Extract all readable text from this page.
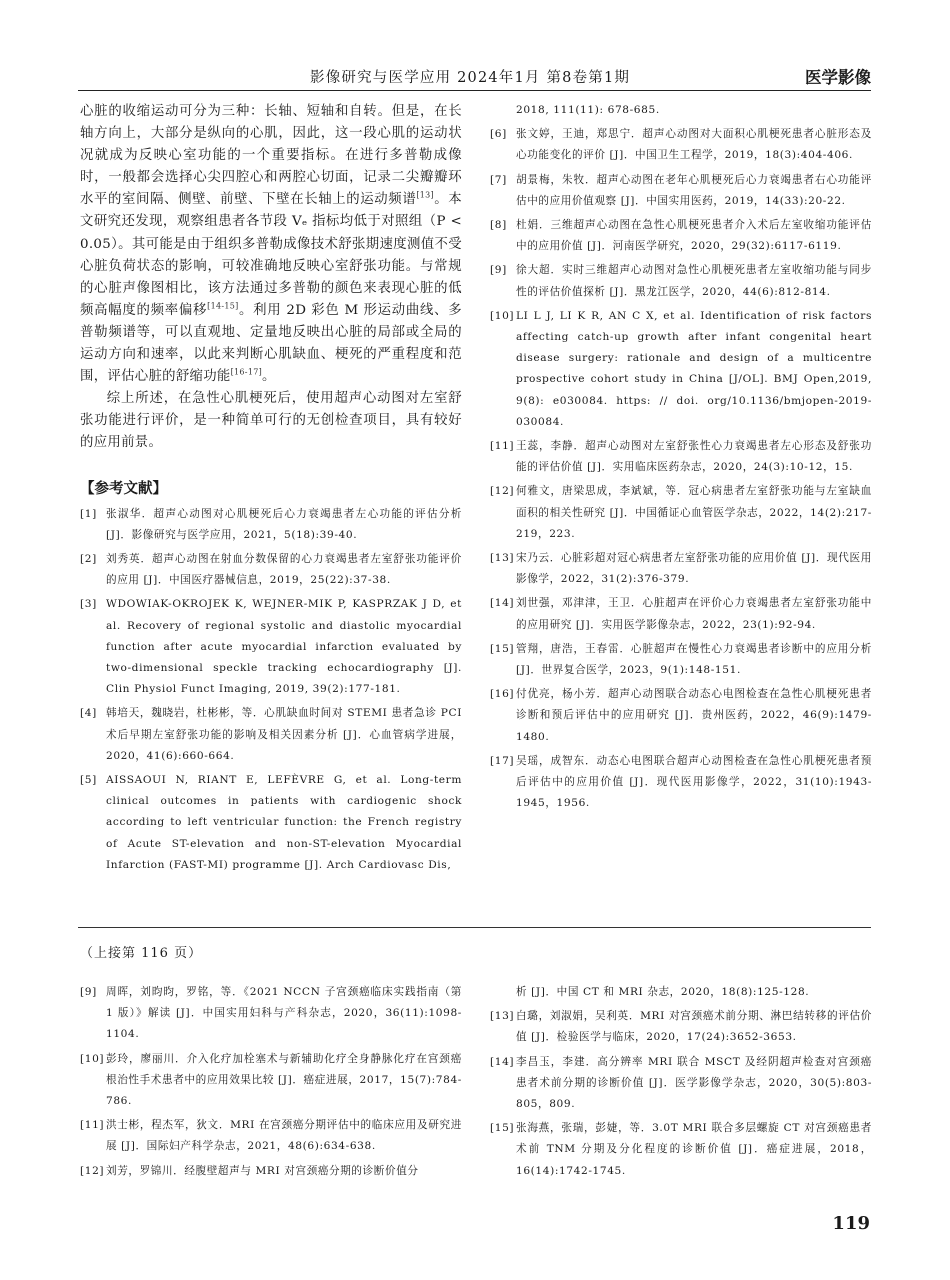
影像研究与医学应用 2024年1月 第8卷第1期	医学影像

心脏的收缩运动可分为三种：长轴、短轴和自转。但是，在长轴方向上，大部分是纵向的心肌，因此，这一段心肌的运动状况就成为反映心室功能的一个重要指标。在进行多普勒成像时，一般都会选择心尖四腔心和两腔心切面，记录二尖瓣瓣环水平的室间隔、侧壁、前壁、下壁在长轴上的运动频谱[13]。本文研究还发现，观察组患者各节段 Vₑ 指标均低于对照组（P < 0.05）。其可能是由于组织多普勒成像技术舒张期速度测值不受心脏负荷状态的影响，可较准确地反映心室舒张功能。与常规的心脏声像图相比，该方法通过多普勒的颜色来表现心脏的低频高幅度的频率偏移[14-15]。利用 2D 彩色 M 形运动曲线、多普勒频谱等，可以直观地、定量地反映出心脏的局部或全局的运动方向和速率，以此来判断心肌缺血、梗死的严重程度和范围，评估心脏的舒缩功能[16-17]。

综上所述，在急性心肌梗死后，使用超声心动图对左室舒张功能进行评价，是一种简单可行的无创检查项目，具有较好的应用前景。

【参考文献】
[1] 张淑华．超声心动图对心肌梗死后心力衰竭患者左心功能的评估分析 [J]．影像研究与医学应用，2021，5(18):39-40.
[2] 刘秀英．超声心动图在射血分数保留的心力衰竭患者左室舒张功能评价的应用 [J]．中国医疗器械信息，2019，25(22):37-38.
[3] WDOWIAK-OKROJEK K, WEJNER-MIK P, KASPRZAK J D, et al. Recovery of regional systolic and diastolic myocardial function after acute myocardial infarction evaluated by two-dimensional speckle tracking echocardiography [J]. Clin Physiol Funct Imaging, 2019, 39(2):177-181.
[4] 韩培天，魏晓岩，杜彬彬，等．心肌缺血时间对 STEMI 患者急诊 PCI 术后早期左室舒张功能的影响及相关因素分析 [J]．心血管病学进展，2020，41(6):660-664.
[5] AISSAOUI N, RIANT E, LEFÈVRE G, et al. Long-term clinical outcomes in patients with cardiogenic shock according to left ventricular function: the French registry of Acute ST-elevation and non-ST-elevation Myocardial Infarction (FAST-MI) programme [J]. Arch Cardiovasc Dis,
2018, 111(11): 678-685.
[6] 张文婷，王迪，郑思宁．超声心动图对大面积心肌梗死患者心脏形态及心功能变化的评价 [J]．中国卫生工程学，2019，18(3):404-406.
[7] 胡景梅，朱牧．超声心动图在老年心肌梗死后心力衰竭患者右心功能评估中的应用价值观察 [J]．中国实用医药，2019，14(33):20-22.
[8] 杜娟．三维超声心动图在急性心肌梗死患者介入术后左室收缩功能评估中的应用价值 [J]．河南医学研究，2020，29(32):6117-6119.
[9] 徐大超．实时三维超声心动图对急性心肌梗死患者左室收缩功能与同步性的评估价值探析 [J]．黑龙江医学，2020，44(6):812-814.
[10] LI L J, LI K R, AN C X, et al. Identification of risk factors affecting catch-up growth after infant congenital heart disease surgery: rationale and design of a multicentre prospective cohort study in China [J/OL]. BMJ Open,2019, 9(8): e030084. https: // doi. org/10.1136/bmjopen-2019-030084.
[11] 王蕊，李静．超声心动图对左室舒张性心力衰竭患者左心形态及舒张功能的评估价值 [J]．实用临床医药杂志，2020，24(3):10-12，15.
[12] 何雅文，唐梁思成，李斌斌，等．冠心病患者左室舒张功能与左室缺血面积的相关性研究 [J]．中国循证心血管医学杂志，2022，14(2):217-219，223.
[13] 宋乃云．心脏彩超对冠心病患者左室舒张功能的应用价值 [J]．现代医用影像学，2022，31(2):376-379.
[14] 刘世强，邓津津，王卫．心脏超声在评价心力衰竭患者左室舒张功能中的应用研究 [J]．实用医学影像杂志，2022，23(1):92-94.
[15] 管翔，唐浩，王春雷．心脏超声在慢性心力衰竭患者诊断中的应用分析 [J]．世界复合医学，2023，9(1):148-151.
[16] 付优亮，杨小芳．超声心动图联合动态心电图检查在急性心肌梗死患者诊断和预后评估中的应用研究 [J]．贵州医药，2022，46(9):1479-1480.
[17] 吴瑶，成智东．动态心电图联合超声心动图检查在急性心肌梗死患者预后评估中的应用价值 [J]．现代医用影像学，2022，31(10):1943-1945，1956.
（上接第 116 页）
[9] 周晖，刘昀昀，罗铭，等．《2021 NCCN 子宫颈癌临床实践指南（第 1 版）》解读 [J]．中国实用妇科与产科杂志，2020，36(11):1098-1104.
[10] 彭玲，廖丽川．介入化疗加栓塞术与新辅助化疗全身静脉化疗在宫颈癌根治性手术患者中的应用效果比较 [J]．癌症进展，2017，15(7):784-786.
[11] 洪士彬，程杰军，狄文．MRI 在宫颈癌分期评估中的临床应用及研究进展 [J]．国际妇产科学杂志，2021，48(6):634-638.
[12] 刘芳，罗锦川．经腹壁超声与 MRI 对宫颈癌分期的诊断价值分
析 [J]．中国 CT 和 MRI 杂志，2020，18(8):125-128.
[13] 白璐，刘淑娟，吴利英．MRI 对宫颈癌术前分期、淋巴结转移的评估价值 [J]．检验医学与临床，2020，17(24):3652-3653.
[14] 李昌玉，李建．高分辨率 MRI 联合 MSCT 及经阴超声检查对宫颈癌患者术前分期的诊断价值 [J]．医学影像学杂志，2020，30(5):803-805，809.
[15] 张海燕，张瑞，彭婕，等．3.0T MRI 联合多层螺旋 CT 对宫颈癌患者术前 TNM 分期及分化程度的诊断价值 [J]．癌症进展，2018，16(14):1742-1745.
119
